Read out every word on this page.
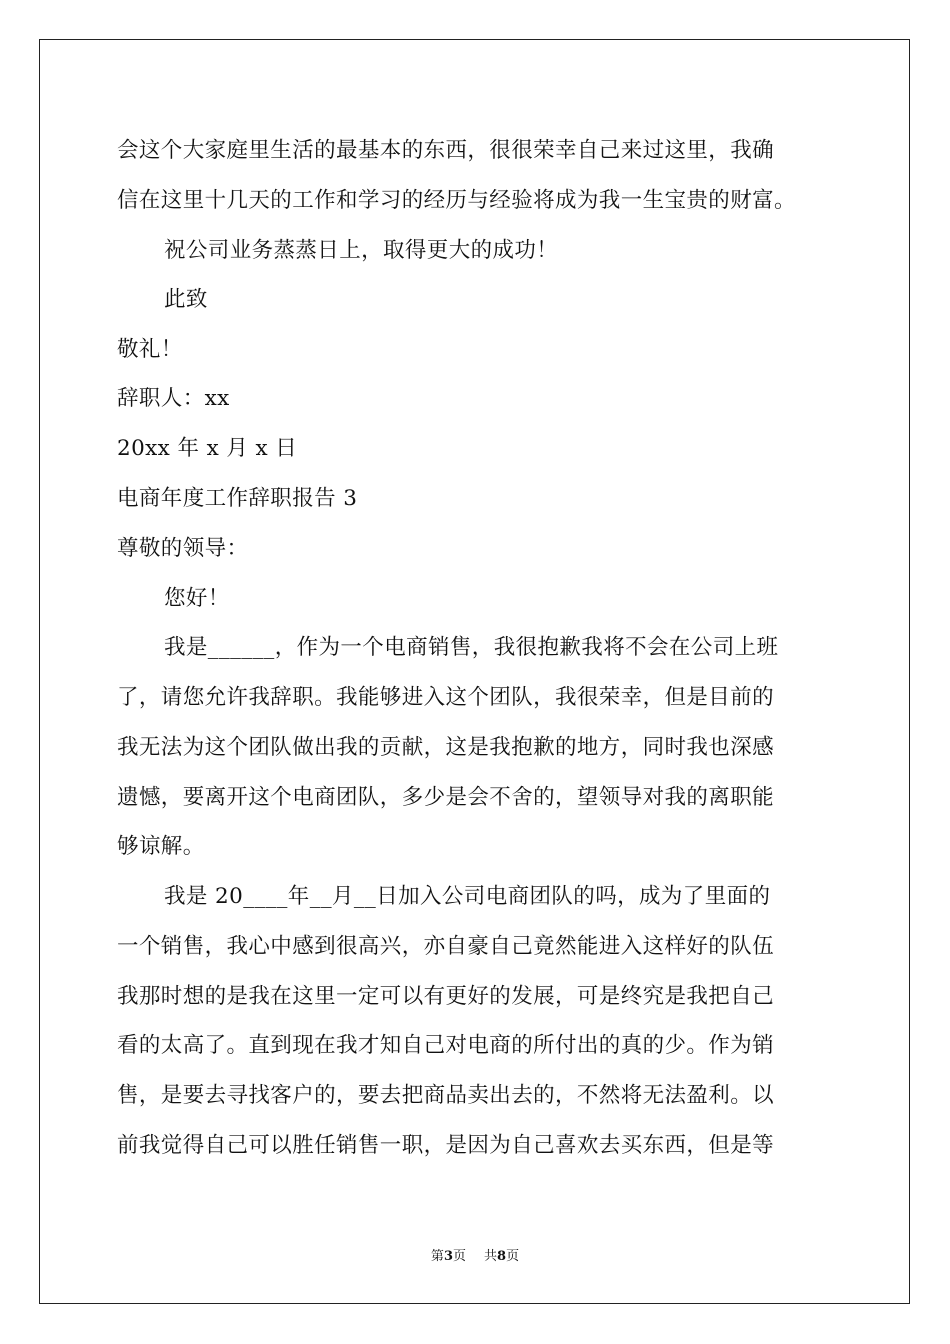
会这个大家庭里生活的最基本的东西，很很荣幸自己来过这里，我确
信在这里十几天的工作和学习的经历与经验将成为我一生宝贵的财富。
祝公司业务蒸蒸日上，取得更大的成功！
此致
敬礼！
辞职人：xx
20xx 年 x 月 x 日
电商年度工作辞职报告 3
尊敬的领导：
您好！
我是______，作为一个电商销售，我很抱歉我将不会在公司上班
了，请您允许我辞职。我能够进入这个团队，我很荣幸，但是目前的
我无法为这个团队做出我的贡献，这是我抱歉的地方，同时我也深感
遗憾，要离开这个电商团队，多少是会不舍的，望领导对我的离职能
够谅解。
我是 20____年__月__日加入公司电商团队的吗，成为了里面的
一个销售，我心中感到很高兴，亦自豪自己竟然能进入这样好的队伍
我那时想的是我在这里一定可以有更好的发展，可是终究是我把自己
看的太高了。直到现在我才知自己对电商的所付出的真的少。作为销
售，是要去寻找客户的，要去把商品卖出去的，不然将无法盈利。以
前我觉得自己可以胜任销售一职，是因为自己喜欢去买东西，但是等
第3页 共8页
